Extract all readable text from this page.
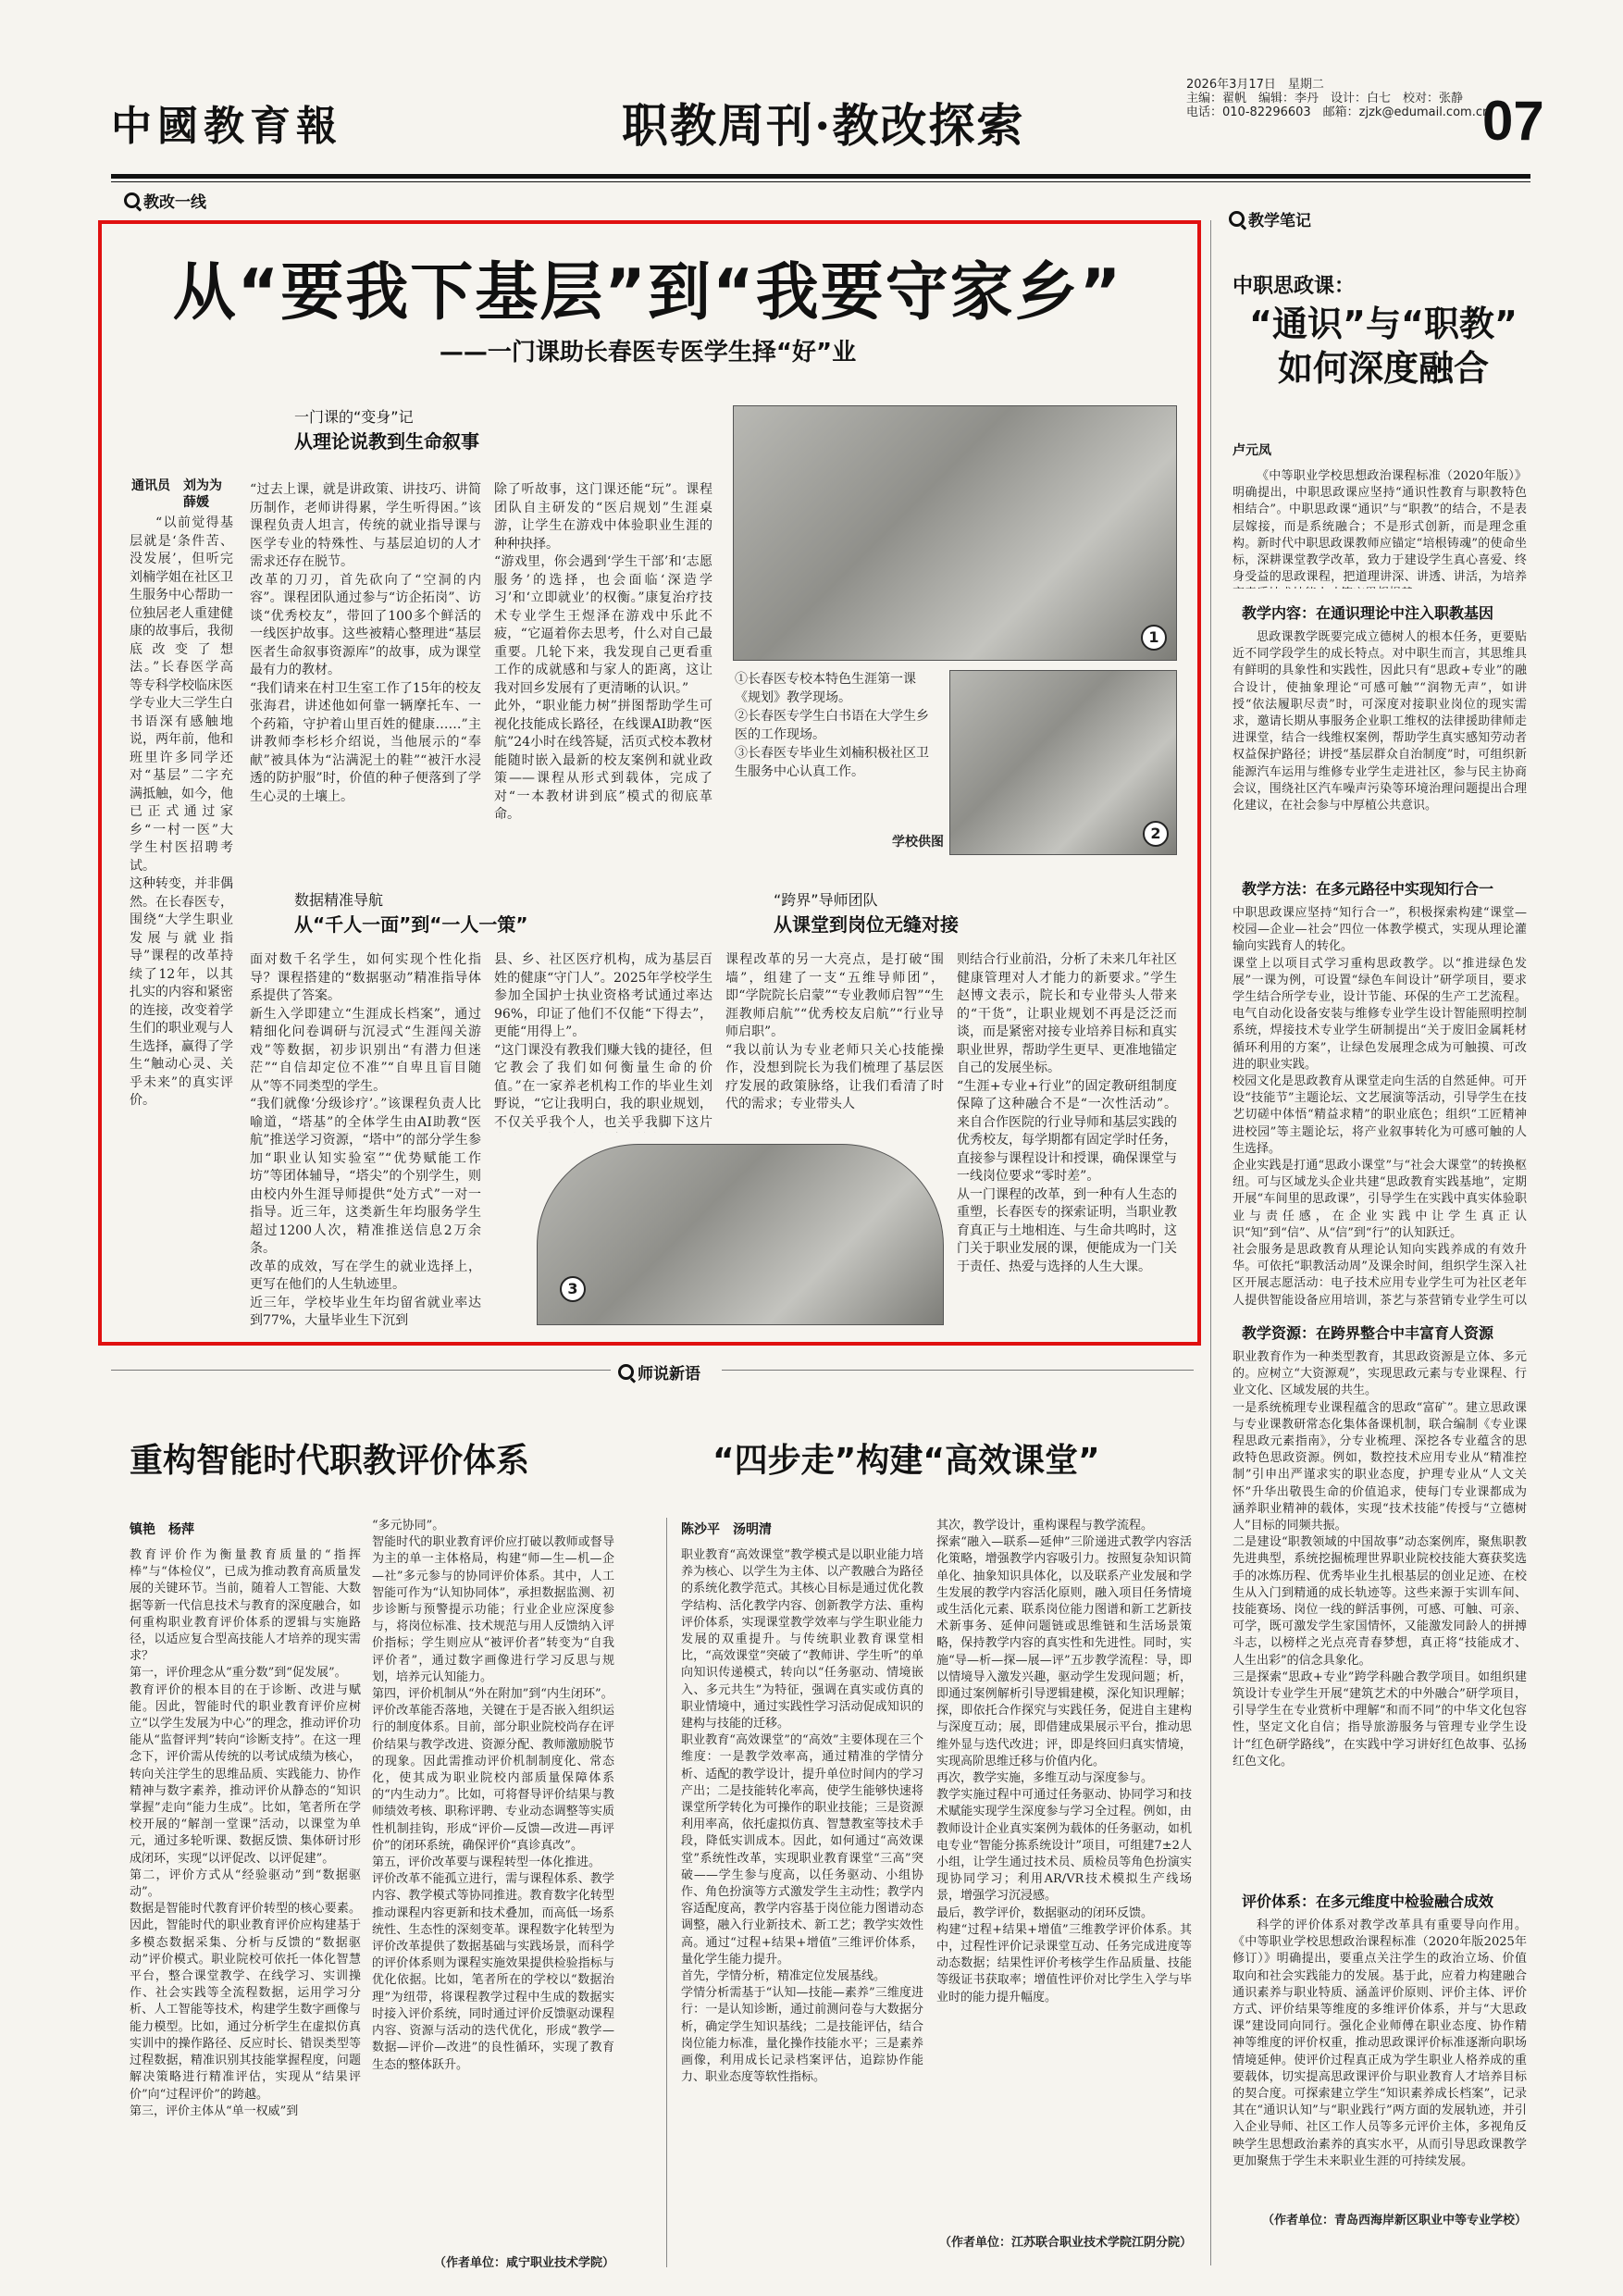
中國教育報	职教周刊·教改探索
2026年3月17日　星期二
主编：翟帆　编辑：李丹　设计：白七　校对：张静
电话：010-82296603　邮箱：zjzk@edumail.com.cn
07
教改一线
教学笔记
从“要我下基层”到“我要守家乡”
——一门课助长春医专医学生择“好”业
一门课的“变身”记
从理论说教到生命叙事
通讯员　刘为为
　　　　薛媛
“以前觉得基层就是‘条件苦、没发展’，但听完刘楠学姐在社区卫生服务中心帮助一位独居老人重建健康的故事后，我彻底改变了想法。”长春医学高等专科学校临床医学专业大三学生白书语深有感触地说，两年前，他和班里许多同学还对“基层”二字充满抵触，如今，他已正式通过家乡“一村一医”大学生村医招聘考试。
这种转变，并非偶然。在长春医专，围绕“大学生职业发展与就业指导”课程的改革持续了12年，以其扎实的内容和紧密的连接，改变着学生们的职业观与人生选择，赢得了学生“触动心灵、关乎未来”的真实评价。
“过去上课，就是讲政策、讲技巧、讲简历制作，老师讲得累，学生听得困。”该课程负责人坦言，传统的就业指导课与医学专业的特殊性、与基层迫切的人才需求还存在脱节。
改革的刀刃，首先砍向了“空洞的内容”。课程团队通过参与“访企拓岗”、访谈“优秀校友”，带回了100多个鲜活的一线医护故事。这些被精心整理进“基层医者生命叙事资源库”的故事，成为课堂最有力的教材。
“我们请来在村卫生室工作了15年的校友张海君，讲述他如何靠一辆摩托车、一个药箱，守护着山里百姓的健康……”主讲教师李杉杉介绍说，当他展示的“奉献”被具体为“沾满泥土的鞋”“被汗水浸透的防护服”时，价值的种子便落到了学生心灵的土壤上。
除了听故事，这门课还能“玩”。课程团队自主研发的“医启规划”生涯桌游，让学生在游戏中体验职业生涯的种种抉择。
“游戏里，你会遇到‘学生干部’和‘志愿服务’的选择，也会面临‘深造学习’和‘立即就业’的权衡。”康复治疗技术专业学生王煜泽在游戏中乐此不疲，“它逼着你去思考，什么对自己最重要。几轮下来，我发现自己更看重工作的成就感和与家人的距离，这让我对回乡发展有了更清晰的认识。”
此外，“职业能力树”拼图帮助学生可视化技能成长路径，在线课AI助教“医航”24小时在线答疑，活页式校本教材能随时嵌入最新的校友案例和就业政策——课程从形式到载体，完成了对“一本教材讲到底”模式的彻底革命。
1
①长春医专校本特色生涯第一课《规划》教学现场。
②长春医专学生白书语在大学生乡医的工作现场。
③长春医专毕业生刘楠积极社区卫生服务中心认真工作。
学校供图	2
数据精准导航
从“千人一面”到“一人一策”
“跨界”导师团队
从课堂到岗位无缝对接
面对数千名学生，如何实现个性化指导？课程搭建的“数据驱动”精准指导体系提供了答案。
新生入学即建立“生涯成长档案”，通过精细化问卷调研与沉浸式“生涯闯关游戏”等数据，初步识别出“有潜力但迷茫”“自信却定位不准”“自卑且盲目随从”等不同类型的学生。
“我们就像‘分级诊疗’。”该课程负责人比喻道，“塔基”的全体学生由AI助教“医航”推送学习资源，“塔中”的部分学生参加“职业认知实验室”“优势赋能工作坊”等团体辅导，“塔尖”的个别学生，则由校内外生涯导师提供“处方式”一对一指导。近三年，这类新生年均服务学生超过1200人次，精准推送信息2万余条。
改革的成效，写在学生的就业选择上，更写在他们的人生轨迹里。
近三年，学校毕业生年均留省就业率达到77%，大量毕业生下沉到
县、乡、社区医疗机构，成为基层百姓的健康“守门人”。2025年学校学生参加全国护士执业资格考试通过率达96%，印证了他们不仅能“下得去”，更能“用得上”。
“这门课没有教我们赚大钱的捷径，但它教会了我们如何衡量生命的价值。”在一家养老机构工作的毕业生刘野说，“它让我明白，我的职业规划，不仅关乎我个人，也关乎我脚下这片
课程改革的另一大亮点，是打破“围墙”，组建了一支“五维导师团”，即“学院院长启蒙”“专业教师启智”“生涯教师启航”“优秀校友启航”“行业导师启职”。
“我以前认为专业老师只关心技能操作，没想到院长为我们梳理了基层医疗发展的政策脉络，让我们看清了时代的需求；专业带头人
则结合行业前沿，分析了未来几年社区健康管理对人才能力的新要求。”学生赵博文表示，院长和专业带头人带来的“干货”，让职业规划不再是泛泛而谈，而是紧密对接专业培养目标和真实职业世界，帮助学生更早、更准地锚定自己的发展坐标。
“生涯+专业+行业”的固定教研组制度保障了这种融合不是“一次性活动”。来自合作医院的行业导师和基层实践的优秀校友，每学期都有固定学时任务，直接参与课程设计和授课，确保课堂与一线岗位要求“零时差”。
从一门课程的改革，到一种有人生态的重塑，长春医专的探索证明，当职业教育真正与土地相连、与生命共鸣时，这门关于职业发展的课，便能成为一门关于责任、热爱与选择的人生大课。
3
中职思政课：
“通识”与“职教”
如何深度融合
卢元凤
《中等职业学校思想政治课程标准（2020年版）》明确提出，中职思政课应坚持“通识性教育与职教特色相结合”。中职思政课“通识”与“职教”的结合，不是表层嫁接，而是系统融合；不是形式创新，而是理念重构。新时代中职思政课教师应锚定“培根铸魂”的使命坐标，深耕课堂教学改革，致力于建设学生真心喜爱、终身受益的思政课程，把道理讲深、讲透、讲活，为培养
教学内容：在通识理论中注入职教基因
思政课教学既要完成立德树人的根本任务，更要贴近不同学段学生的成长特点。对中职生而言，其思维具有鲜明的具象性和实践性，因此只有“思政+专业”的融合设计，使抽象理论“可感可触”“润物无声”，如讲授“依法履职尽责”时，可深度对接职业岗位的现实需求，邀请长期从事服务企业职工维权的法律援助律师走进课堂，结合一线维权案例，帮助学生真实感知劳动者权益保护路径；讲授“基层群众自治制度”时，可组织新能源汽车运用与维修专业学生走进社区，参与民主协商会议，围绕社区汽车噪声污染等环境治理问题提出合理化建议，在社会参与中厚植公共意识。
教学方法：在多元路径中实现知行合一
中职思政课应坚持“知行合一”，积极探索构建“课堂—校园—企业—社会”四位一体教学模式，实现从理论灌输向实践育人的转化。
课堂上以项目式学习重构思政教学。以“推进绿色发展”一课为例，可设置“绿色车间设计”研学项目，要求学生结合所学专业，设计节能、环保的生产工艺流程。电气自动化设备安装与维修专业学生设计智能照明控制系统，焊接技术专业学生研制提出“关于废旧金属耗材循环利用的方案”，让绿色发展理念成为可触摸、可改进的职业实践。
校园文化是思政教育从课堂走向生活的自然延伸。可开设“技能节”主题论坛、文艺展演等活动，引导学生在技艺切磋中体悟“精益求精”的职业底色；组织“工匠精神进校园”等主题论坛，将产业叙事转化为可感可触的人生选择。
企业实践是打通“思政小课堂”与“社会大课堂”的转换枢纽。可与区域龙头企业共建“思政教育实践基地”，定期开展“车间里的思政课”，引导学生在实践中真实体验职业与责任感，在企业实践中让学生真正认识“知”到“信”、从“信”到“行”的认知跃迁。
社会服务是思政教育从理论认知向实践养成的有效升华。可依托“职教活动周”及课余时间，组织学生深入社区开展志愿活动：电子技术应用专业学生可为社区老年人提供智能设备应用培训，茶艺与茶营销专业学生可以
教学资源：在跨界整合中丰富育人资源
职业教育作为一种类型教育，其思政资源是立体、多元的。应树立“大资源观”，实现思政元素与专业课程、行业文化、区域发展的共生。
一是系统梳理专业课程蕴含的思政“富矿”。建立思政课与专业课教研常态化集体备课机制，联合编制《专业课程思政元素指南》，分专业梳理、深挖各专业蕴含的思政特色思政资源。例如，数控技术应用专业从“精准控制”引申出严谨求实的职业态度，护理专业从“人文关怀”升华出敬畏生命的价值追求，使每门专业课都成为涵养职业精神的载体，实现“技术技能”传授与“立德树人”目标的同频共振。
二是建设“职教领域的中国故事”动态案例库，聚焦职教先进典型，系统挖掘梳理世界职业院校技能大赛获奖选手的冰炼历程、优秀毕业生扎根基层的创业足迹、在校生从入门到精通的成长轨迹等。这些来源于实训车间、技能赛场、岗位一线的鲜活事例，可感、可触、可亲、可学，既可激发学生家国情怀，又能激发同龄人的拼搏斗志，以榜样之光点亮青春梦想，真正将“技能成才、人生出彩”的信念具象化。
三是探索“思政+专业”跨学科融合教学项目。如组织建筑设计专业学生开展“建筑艺术的中外融合”研学项目，引导学生在专业赏析中理解“和而不同”的中华文化包容性，坚定文化自信；指导旅游服务与管理专业学生设计“红色研学路线”，在实践中学习讲好红色故事、弘扬红色文化。
评价体系：在多元维度中检验融合成效
科学的评价体系对教学改革具有重要导向作用。《中等职业学校思想政治课程标准（2020年版2025年修订）》明确提出，要重点关注学生的政治立场、价值取向和社会实践能力的发展。基于此，应着力构建融合通识素养与职业特质、涵盖评价原则、评价主体、评价方式、评价结果等维度的多维评价体系，并与“大思政课”建设同向同行。强化企业师傅在职业态度、协作精神等维度的评价权重，推动思政课评价标准逐渐向职场情境延伸。使评价过程真正成为学生职业人格养成的重要载体，切实提高思政课评价与职业教育人才培养目标的契合度。可探索建立学生“知识素养成长档案”，记录其在“通识认知”与“职业践行”两方面的发展轨迹，并引入企业导师、社区工作人员等多元评价主体，多视角反映学生思想政治素养的真实水平，从而引导思政课教学更加聚焦于学生未来职业生涯的可持续发展。
（作者单位：青岛西海岸新区职业中等专业学校）
师说新语
重构智能时代职教评价体系	“四步走”构建“高效课堂”
镇艳　杨萍	陈沙平　汤明清
教育评价作为衡量教育质量的“指挥棒”与“体检仪”，已成为推动教育高质量发展的关键环节。当前，随着人工智能、大数据等新一代信息技术与教育的深度融合，如何重构职业教育评价体系的逻辑与实施路径，以适应复合型高技能人才培养的现实需求？
第一，评价理念从“重分数”到“促发展”。
教育评价的根本目的在于诊断、改进与赋能。因此，智能时代的职业教育评价应树立“以学生发展为中心”的理念，推动评价功能从“监督评判”转向“诊断支持”。在这一理念下，评价需从传统的以考试成绩为核心，转向关注学生的思维品质、实践能力、协作精神与数字素养，推动评价从静态的“知识掌握”走向“能力生成”。比如，笔者所在学校开展的“解剖一堂课”活动，以课堂为单元，通过多轮听课、数据反馈、集体研讨形成闭环，实现“以评促改、以评促建”。
第二，评价方式从“经验驱动”到“数据驱动”。
数据是智能时代教育评价转型的核心要素。因此，智能时代的职业教育评价应构建基于多模态数据采集、分析与反馈的“数据驱动”评价模式。职业院校可依托一体化智慧平台，整合课堂教学、在线学习、实训操作、社会实践等全流程数据，运用学习分析、人工智能等技术，构建学生数字画像与能力模型。比如，通过分析学生在虚拟仿真实训中的操作路径、反应时长、错误类型等过程数据，精准识别其技能掌握程度，问题解决策略进行精准评估，实现从“结果评价”向“过程评价”的跨越。
第三，评价主体从“单一权威”到
“多元协同”。
智能时代的职业教育评价应打破以教师或督导为主的单一主体格局，构建“师—生—机—企—社”多元参与的协同评价体系。其中，人工智能可作为“认知协同体”，承担数据监测、初步诊断与预警提示功能；行业企业应深度参与，将岗位标准、技术规范与用人反馈纳入评价指标；学生则应从“被评价者”转变为“自我评价者”，通过数字画像进行学习反思与规划，培养元认知能力。
第四，评价机制从“外在附加”到“内生闭环”。
评价改革能否落地，关键在于是否嵌入组织运行的制度体系。目前，部分职业院校尚存在评价结果与教学改进、资源分配、教师激励脱节的现象。因此需推动评价机制制度化、常态化，使其成为职业院校内部质量保障体系的“内生动力”。比如，可将督导评价结果与教师绩效考核、职称评聘、专业动态调整等实质性机制挂钩，形成“评价—反馈—改进—再评价”的闭环系统，确保评价“真诊真改”。
第五，评价改革要与课程转型一体化推进。
评价改革不能孤立进行，需与课程体系、教学内容、教学模式等协同推进。教育数字化转型推动课程内容更新和技术叠加，而高低一场系统性、生态性的深刻变革。课程数字化转型为评价改革提供了数据基础与实践场景，而科学的评价体系则为课程实施效果提供检验指标与优化依据。比如，笔者所在的学校以“数据治理”为纽带，将课程教学过程中生成的数据实时接入评价系统，同时通过评价反馈驱动课程内容、资源与活动的迭代优化，形成“教学—数据—评价—改进”的良性循环，实现了教育生态的整体跃升。
（作者单位：咸宁职业技术学院）
职业教育“高效课堂”教学模式是以职业能力培养为核心、以学生为主体、以产教融合为路径的系统化教学范式。其核心目标是通过优化教学结构、活化教学内容、创新教学方法、重构评价体系，实现课堂教学效率与学生职业能力发展的双重提升。与传统职业教育课堂相比，“高效课堂”突破了“教师讲、学生听”的单向知识传递模式，转向以“任务驱动、情境嵌入、多元共生”为特征，强调在真实或仿真的职业情境中，通过实践性学习活动促成知识的建构与技能的迁移。
职业教育“高效课堂”的“高效”主要体现在三个维度：一是教学效率高，通过精准的学情分析、适配的教学设计，提升单位时间内的学习产出；二是技能转化率高，使学生能够快速将课堂所学转化为可操作的职业技能；三是资源利用率高，依托虚拟仿真、智慧教室等技术手段，降低实训成本。因此，如何通过“高效课堂”系统性改革，实现职业教育课堂“三高”突破——学生参与度高，以任务驱动、小组协作、角色扮演等方式激发学生主动性；教学内容适配度高，教学内容基于岗位能力图谱动态调整，融入行业新技术、新工艺；教学实效性高。通过“过程+结果+增值”三维评价体系，量化学生能力提升。
首先，学情分析，精准定位发展基线。
学情分析需基于“认知—技能—素养”三维度进行：一是认知诊断，通过前测问卷与大数据分析，确定学生知识基线；二是技能评估，结合岗位能力标准，量化操作技能水平；三是素养画像，利用成长记录档案评估，追踪协作能力、职业态度等软性指标。
其次，教学设计，重构课程与教学流程。
探索“融入—联系—延伸”三阶递进式教学内容活化策略，增强教学内容吸引力。按照复杂知识简单化、抽象知识具体化，以及联系产业发展和学生发展的教学内容活化原则，融入项目任务情境或生活化元素、联系岗位能力图谱和新工艺新技术新事务、延伸问题链或思维链和生活场景策略，保持教学内容的真实性和先进性。同时，实施“导—析—探—展—评”五步教学流程：导，即以情境导入激发兴趣，驱动学生发现问题；析，即通过案例解析引导逻辑建模，深化知识理解；探，即依托合作探究与实践任务，促进自主建构与深度互动；展，即借建成果展示平台，推动思维外显与迭代改进；评，即是终回归真实情境，实现高阶思维迁移与价值内化。
再次，教学实施，多维互动与深度参与。
教学实施过程中可通过任务驱动、协同学习和技术赋能实现学生深度参与学习全过程。例如，由教师设计企业真实案例为载体的任务驱动，如机电专业“智能分拣系统设计”项目，可组建7±2人小组，让学生通过技术员、质检员等角色扮演实现协同学习；利用AR/VR技术模拟生产线场景，增强学习沉浸感。
最后，教学评价，数据驱动的闭环反馈。
构建“过程+结果+增值”三维教学评价体系。其中，过程性评价记录课堂互动、任务完成进度等动态数据；结果性评价考核学生作品质量、技能等级证书获取率；增值性评价对比学生入学与毕业时的能力提升幅度。
（作者单位：江苏联合职业技术学院江阴分院）
